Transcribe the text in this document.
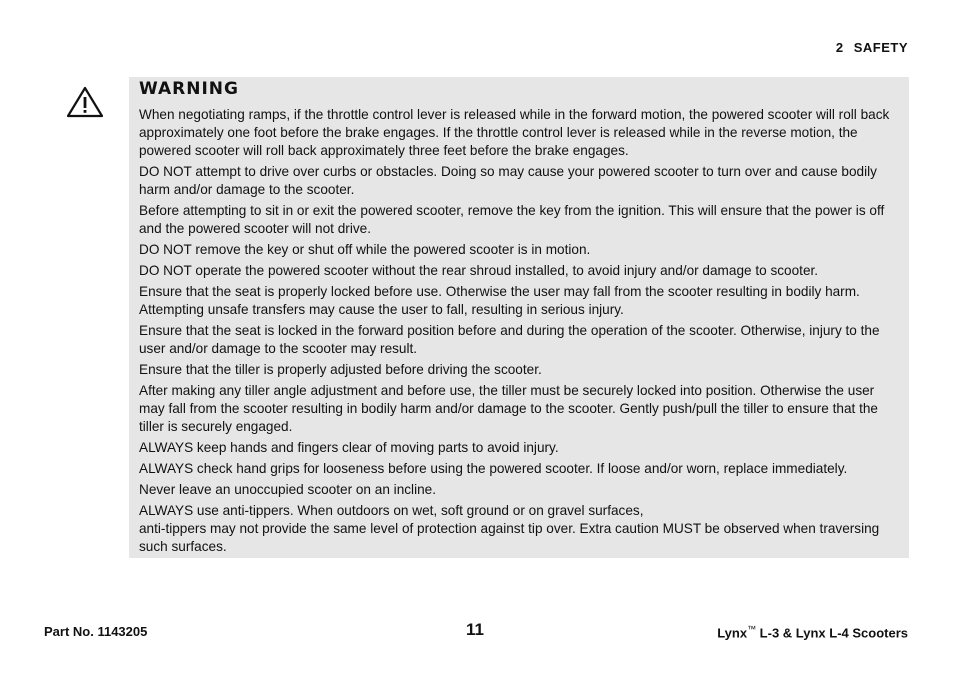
2 SAFETY
WARNING
When negotiating ramps, if the throttle control lever is released while in the forward motion, the powered scooter will roll back approximately one foot before the brake engages. If the throttle control lever is released while in the reverse motion, the powered scooter will roll back approximately three feet before the brake engages.
DO NOT attempt to drive over curbs or obstacles. Doing so may cause your powered scooter to turn over and cause bodily harm and/or damage to the scooter.
Before attempting to sit in or exit the powered scooter, remove the key from the ignition. This will ensure that the power is off and the powered scooter will not drive.
DO NOT remove the key or shut off while the powered scooter is in motion.
DO NOT operate the powered scooter without the rear shroud installed, to avoid injury and/or damage to scooter.
Ensure that the seat is properly locked before use. Otherwise the user may fall from the scooter resulting in bodily harm. Attempting unsafe transfers may cause the user to fall, resulting in serious injury.
Ensure that the seat is locked in the forward position before and during the operation of the scooter. Otherwise, injury to the user and/or damage to the scooter may result.
Ensure that the tiller is properly adjusted before driving the scooter.
After making any tiller angle adjustment and before use, the tiller must be securely locked into position. Otherwise the user may fall from the scooter resulting in bodily harm and/or damage to the scooter. Gently push/pull the tiller to ensure that the tiller is securely engaged.
ALWAYS keep hands and fingers clear of moving parts to avoid injury.
ALWAYS check hand grips for looseness before using the powered scooter. If loose and/or worn, replace immediately.
Never leave an unoccupied scooter on an incline.
ALWAYS use anti-tippers. When outdoors on wet, soft ground or on gravel surfaces,
anti-tippers may not provide the same level of protection against tip over. Extra caution MUST be observed when traversing such surfaces.
Part No. 1143205	11	Lynx™ L-3 & Lynx L-4 Scooters
